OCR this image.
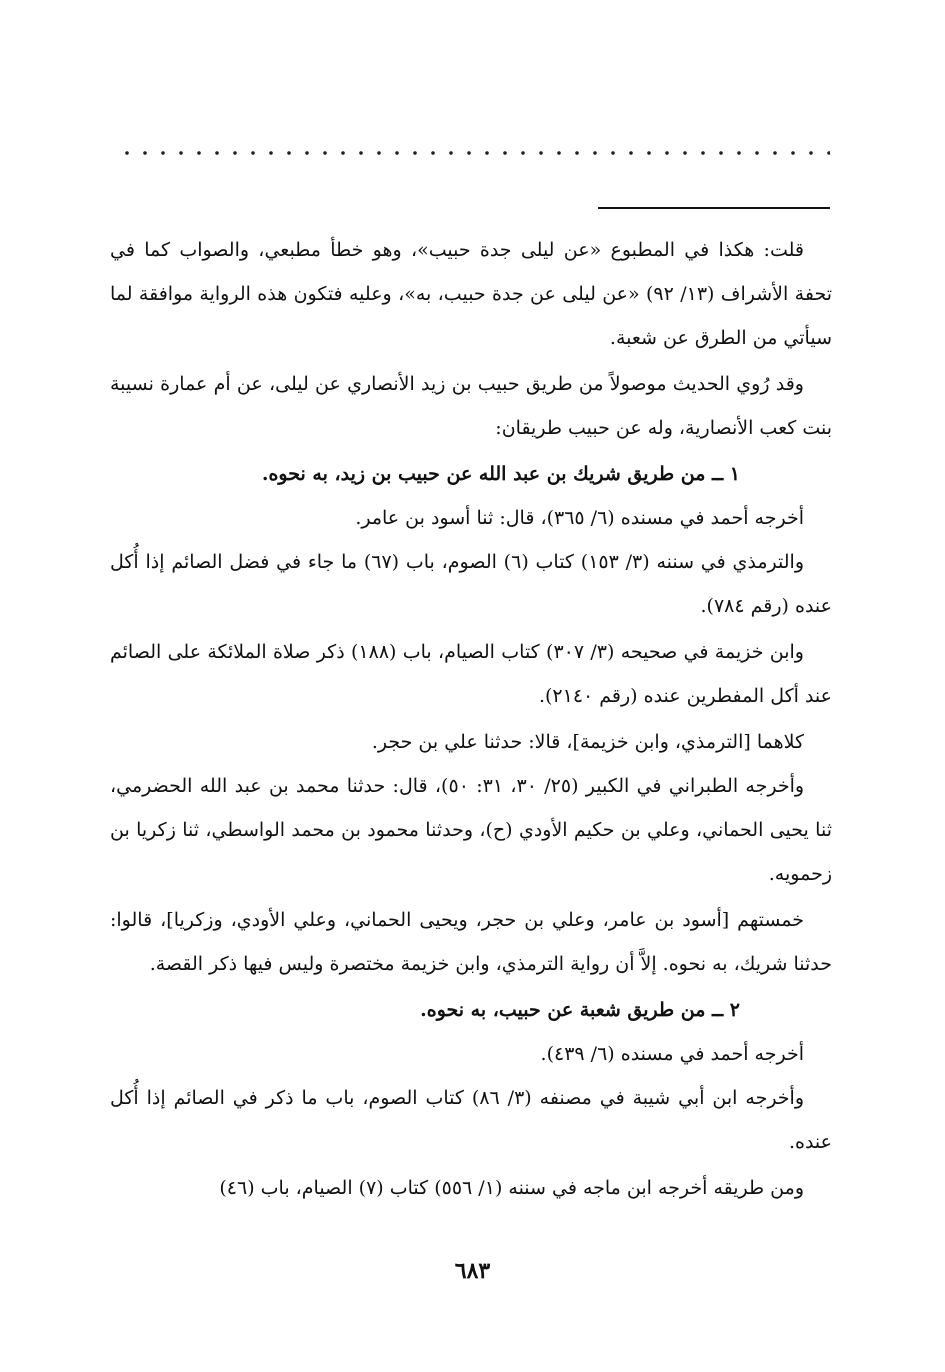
قلت: هكذا في المطبوع «عن ليلى جدة حبيب»، وهو خطأ مطبعي، والصواب كما في تحفة الأشراف (١٣/ ٩٢) «عن ليلى عن جدة حبيب، به»، وعليه فتكون هذه الرواية موافقة لما سيأتي من الطرق عن شعبة.

وقد رُوي الحديث موصولاً من طريق حبيب بن زيد الأنصاري عن ليلى، عن أم عمارة نسيبة بنت كعب الأنصارية، وله عن حبيب طريقان:

١ ــ من طريق شريك بن عبد الله عن حبيب بن زيد، به نحوه.

أخرجه أحمد في مسنده (٦/ ٣٦٥)، قال: ثنا أسود بن عامر.

والترمذي في سننه (٣/ ١٥٣) كتاب (٦) الصوم، باب (٦٧) ما جاء في فضل الصائم إذا أُكل عنده (رقم ٧٨٤).

وابن خزيمة في صحيحه (٣/ ٣٠٧) كتاب الصيام، باب (١٨٨) ذكر صلاة الملائكة على الصائم عند أكل المفطرين عنده (رقم ٢١٤٠).

كلاهما [الترمذي، وابن خزيمة]، قالا: حدثنا علي بن حجر.

وأخرجه الطبراني في الكبير (٢٥/ ٣٠، ٣١: ٥٠)، قال: حدثنا محمد بن عبد الله الحضرمي، ثنا يحيى الحماني، وعلي بن حكيم الأودي (ح)، وحدثنا محمود بن محمد الواسطي، ثنا زكريا بن زحمويه.

خمستهم [أسود بن عامر، وعلي بن حجر، ويحيى الحماني، وعلي الأودي، وزكريا]، قالوا: حدثنا شريك، به نحوه. إلاَّ أن رواية الترمذي، وابن خزيمة مختصرة وليس فيها ذكر القصة.

٢ ــ من طريق شعبة عن حبيب، به نحوه.

أخرجه أحمد في مسنده (٦/ ٤٣٩).

وأخرجه ابن أبي شيبة في مصنفه (٣/ ٨٦) كتاب الصوم، باب ما ذكر في الصائم إذا أُكل عنده.

ومن طريقه أخرجه ابن ماجه في سننه (١/ ٥٥٦) كتاب (٧) الصيام، باب (٤٦)

٦٨٣
